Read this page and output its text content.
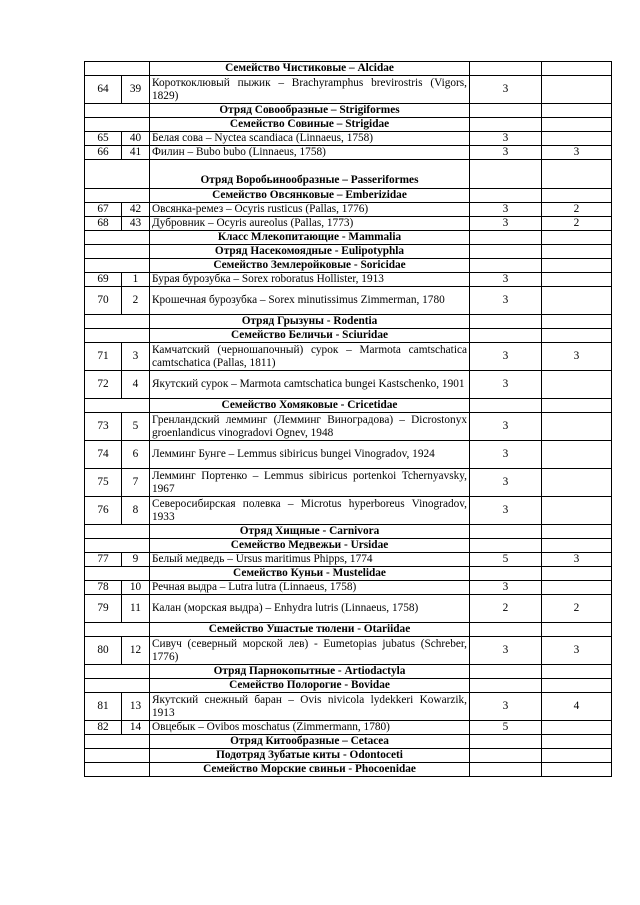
		Семейство Чистиковые – Alcidae		
64	39	Короткоклювый пыжик – Brachyramphus brevirostris (Vigors, 1829)	3	
		Отряд Совообразные – Strigiformes		
		Семейство Совиные – Strigidae		
65	40	Белая сова – Nyctea scandiaca (Linnaeus, 1758)	3	
66	41	Филин – Bubo bubo (Linnaeus, 1758)	3	3
		Отряд Воробьинообразные – Passeriformes		
		Семейство Овсянковые – Emberizidae		
67	42	Овсянка-ремез – Ocyris rusticus (Pallas, 1776)	3	2
68	43	Дубровник – Ocyris aureolus (Pallas, 1773)	3	2
		Класс Млекопитающие - Mammalia		
		Отряд Насекомоядные - Eulipotyphla		
		Семейство Землеройковые - Soricidae		
69	1	Бурая бурозубка – Sorex roboratus Hollister, 1913	3	
70	2	Крошечная бурозубка – Sorex minutissimus Zimmerman, 1780	3	
		Отряд Грызуны - Rodentia		
		Семейство Беличьи - Sciuridae		
71	3	Камчатский (черношапочный) сурок – Marmota camtschatica camtschatica (Pallas, 1811)	3	3
72	4	Якутский сурок – Marmota camtschatica bungei Kastschenko, 1901	3	
		Семейство Хомяковые - Cricetidae		
73	5	Гренландский лемминг (Лемминг Виноградова) – Dicrostonyx groenlandicus vinogradovi Ognev, 1948	3	
74	6	Лемминг Бунге – Lemmus sibiricus bungei Vinogradov, 1924	3	
75	7	Лемминг Портенко – Lemmus sibiricus portenkoi Tchernyavsky, 1967	3	
76	8	Северосибирская полевка – Microtus hyperboreus Vinogradov, 1933	3	
		Отряд Хищные - Carnivora		
		Семейство Медвежьи - Ursidae		
77	9	Белый медведь – Ursus maritimus Phipps, 1774	5	3
		Семейство Куньи - Mustelidae		
78	10	Речная выдра – Lutra lutra (Linnaeus, 1758)	3	
79	11	Калан (морская выдра) – Enhydra lutris (Linnaeus, 1758)	2	2
		Семейство Ушастые тюлени - Otariidae		
80	12	Сивуч (северный морской лев) - Eumetopias jubatus (Schreber, 1776)	3	3
		Отряд Парнокопытные - Artiodactyla		
		Семейство Полорогие - Bovidae		
81	13	Якутский снежный баран – Ovis nivicola lydekkeri Kowarzik, 1913	3	4
82	14	Овцебык – Ovibos moschatus (Zimmermann, 1780)	5	
		Отряд Китообразные – Cetacea		
		Подотряд Зубатые киты - Odontoceti		
		Семейство Морские свиньи - Phocoenidae		
